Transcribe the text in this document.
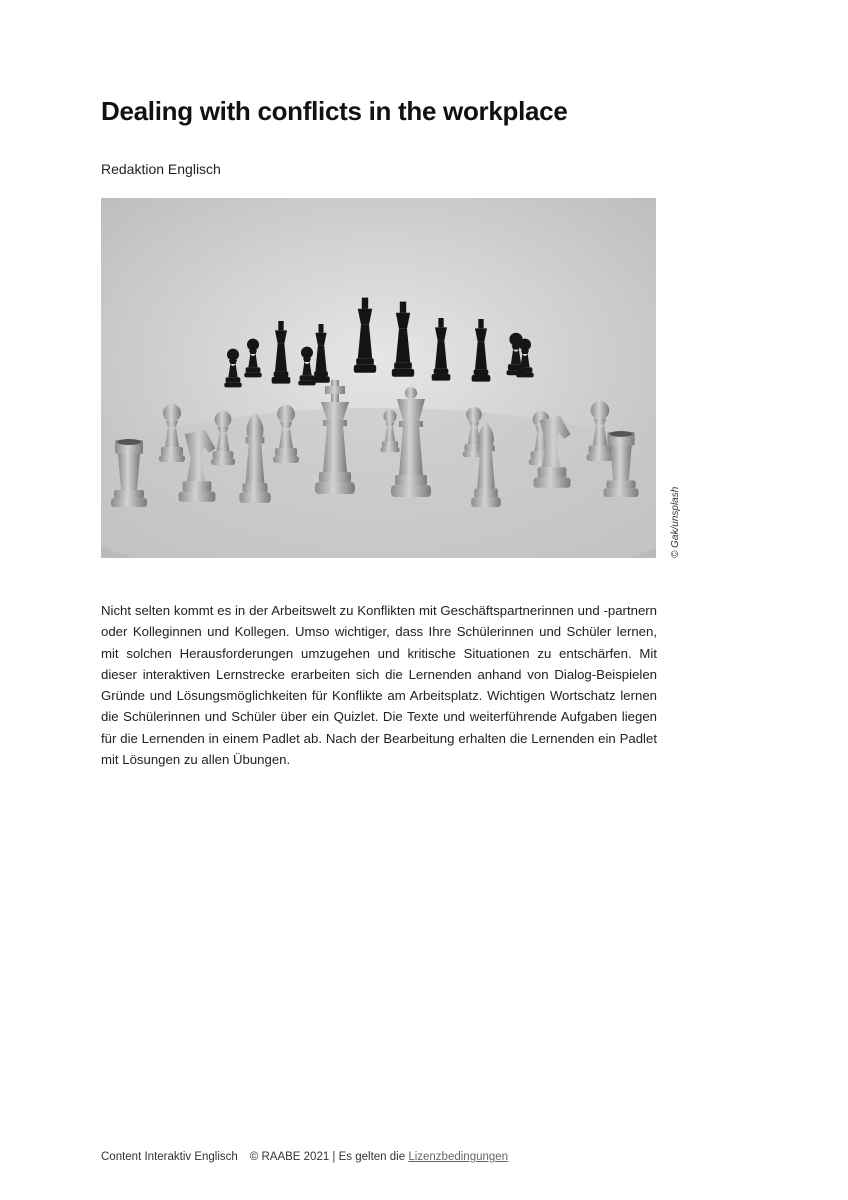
Dealing with conflicts in the workplace
Redaktion Englisch
© Gak/unsplash

Nicht selten kommt es in der Arbeitswelt zu Konflikten mit Geschäftspartnerinnen und -partnern oder Kolleginnen und Kollegen. Umso wichtiger, dass Ihre Schülerinnen und Schüler lernen, mit solchen Herausforderungen umzugehen und kritische Situationen zu entschärfen. Mit dieser interaktiven Lernstrecke erarbeiten sich die Lernenden anhand von Dialog-Beispielen Gründe und Lösungsmöglichkeiten für Konflikte am Arbeitsplatz. Wichtigen Wortschatz lernen die Schülerinnen und Schüler über ein Quizlet. Die Texte und weiterführende Aufgaben liegen für die Lernenden in einem Padlet ab. Nach der Bearbeitung erhalten die Lernenden ein Padlet mit Lösungen zu allen Übungen.

Content Interaktiv Englisch © RAABE 2021 | Es gelten die Lizenzbedingungen
